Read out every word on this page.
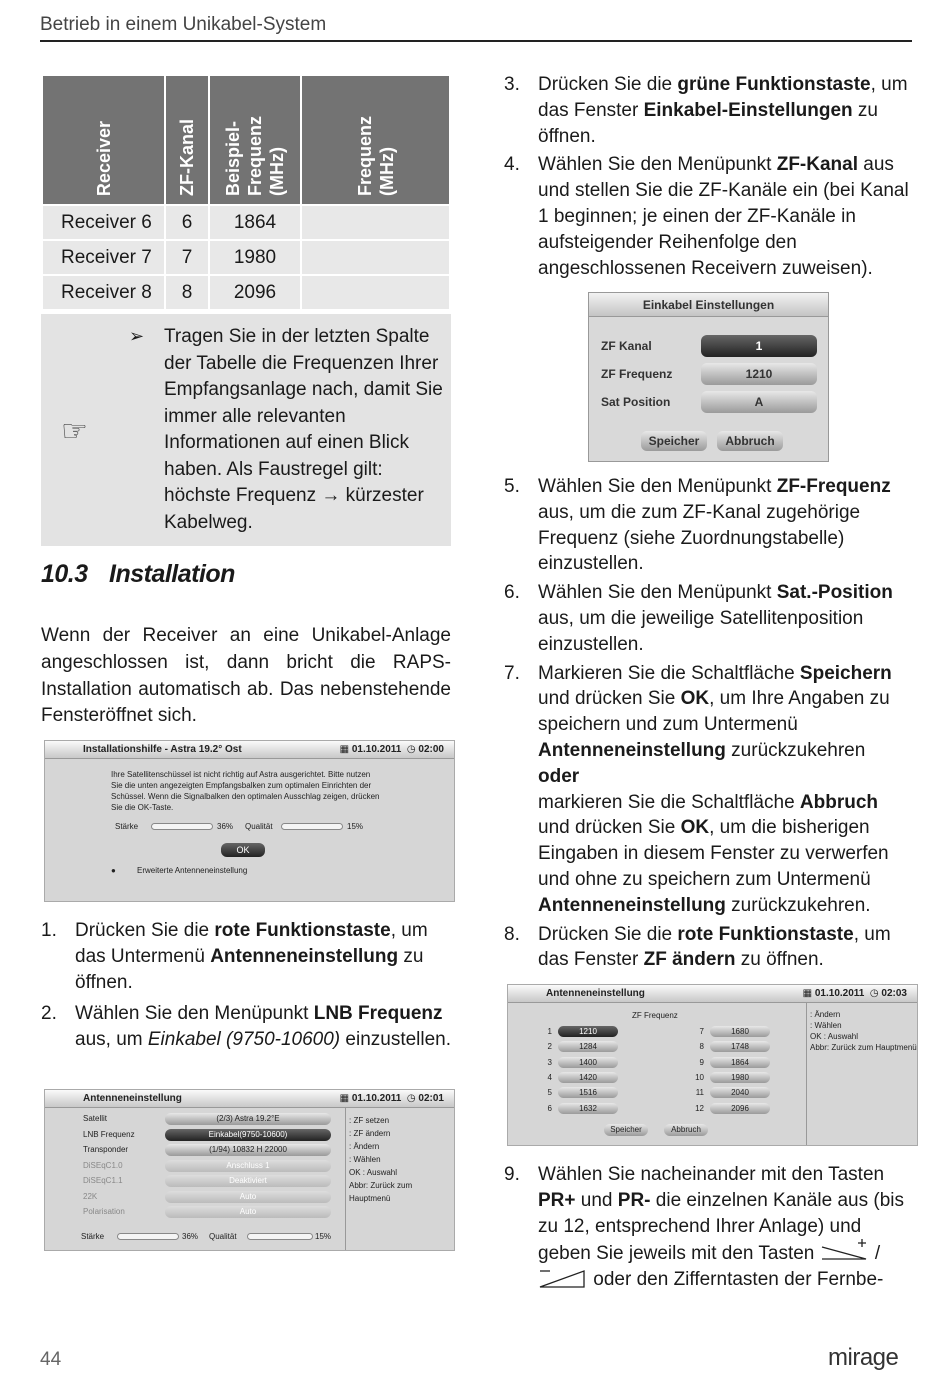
Betrieb in einem Unikabel-System
Receiver	ZF-Kanal	Beispiel- Frequenz (MHz)	Frequenz (MHz)

Receiver 6	6	1864	
Receiver 7	7	1980	
Receiver 8	8	2096	
☞
➢ Tragen Sie in der letzten Spalte der Tabelle die Frequenzen Ihrer Empfangsanlage nach, damit Sie immer alle relevanten Informationen auf einen Blick haben. Als Faustregel gilt: höchste Frequenz → kürzester Kabelweg.
10.3 Installation
Wenn der Receiver an eine Unikabel-Anlage angeschlossen ist, dann bricht die RAPS-Installation automatisch ab. Das nebenstehende Fensteröffnet sich.
Installationshilfe - Astra 19.2° Ost	▦ 01.10.2011  ◷ 02:00
Ihre Satellitenschüssel ist nicht richtig auf Astra ausgerichtet. Bitte nutzen Sie die unten angezeigten Empfangsbalken zum optimalen Einrichten der Schüssel. Wenn die Signalbalken den optimalen Ausschlag zeigen, drücken Sie die OK-Taste.
Stärke	36% Qualität	15%
OK
●	Erweiterte Antenneneinstellung
1. Drücken Sie die rote Funktionstaste, um das Untermenü Antenneneinstellung zu öffnen.
2. Wählen Sie den Menüpunkt LNB Frequenz aus, um Einkabel (9750-10600) einzustellen.
Antenneneinstellung	▦ 01.10.2011  ◷ 02:01
Satellit	(2/3) Astra 19.2°E
LNB Frequenz	Einkabel(9750-10600)
Transponder	(1/94) 10832 H 22000
DiSEqC1.0	Anschluss 1
DiSEqC1.1	Deaktiviert
22K	Auto
Polarisation	Auto
: ZF setzen
: ZF ändern
: Ändern
: Wählen
OK : Auswahl
Abbr: Zurück zum Hauptmenü
Stärke	36% Qualität	15%
3. Drücken Sie die grüne Funktionstaste, um das Fenster Einkabel-Einstellungen zu öffnen.
4. Wählen Sie den Menüpunkt ZF-Kanal aus und stellen Sie die ZF-Kanäle ein (bei Kanal 1 beginnen; je einen der ZF-Kanäle in aufsteigender Reihenfolge den angeschlossenen Receivern zuweisen).
Einkabel Einstellungen
ZF Kanal	1
ZF Frequenz	1210
Sat Position	A
Speicher	Abbruch
5. Wählen Sie den Menüpunkt ZF-Frequenz aus, um die zum ZF-Kanal zugehörige Frequenz (siehe Zuordnungstabelle) einzustellen.
6. Wählen Sie den Menüpunkt Sat.-Position aus, um die jeweilige Satellitenposition einzustellen.
7. Markieren Sie die Schaltfläche Speichern und drücken Sie OK, um Ihre Angaben zu speichern und zum Untermenü Antenneneinstellung zurückzukehren
oder
markieren Sie die Schaltfläche Abbruch und drücken Sie OK, um die bisherigen Eingaben in diesem Fenster zu verwerfen und ohne zu speichern zum Untermenü Antenneneinstellung zurückzukehren.
8. Drücken Sie die rote Funktionstaste, um das Fenster ZF ändern zu öffnen.
Antenneneinstellung	▦ 01.10.2011  ◷ 02:03
ZF Frequenz
1	1210
2	1284
3	1400
4	1420
5	1516
6	1632
7	1680
8	1748
9	1864
10	1980
11	2040
12	2096
: Ändern
: Wählen
OK : Auswahl
Abbr: Zurück zum Hauptmenü
Speicher	Abbruch
9. Wählen Sie nacheinander mit den Tasten PR+ und PR- die einzelnen Kanäle aus (bis zu 12, entsprechend Ihrer Anlage) und geben Sie jeweils mit den Tasten	/
oder den Zifferntasten der Fernbe-
44	mirage
